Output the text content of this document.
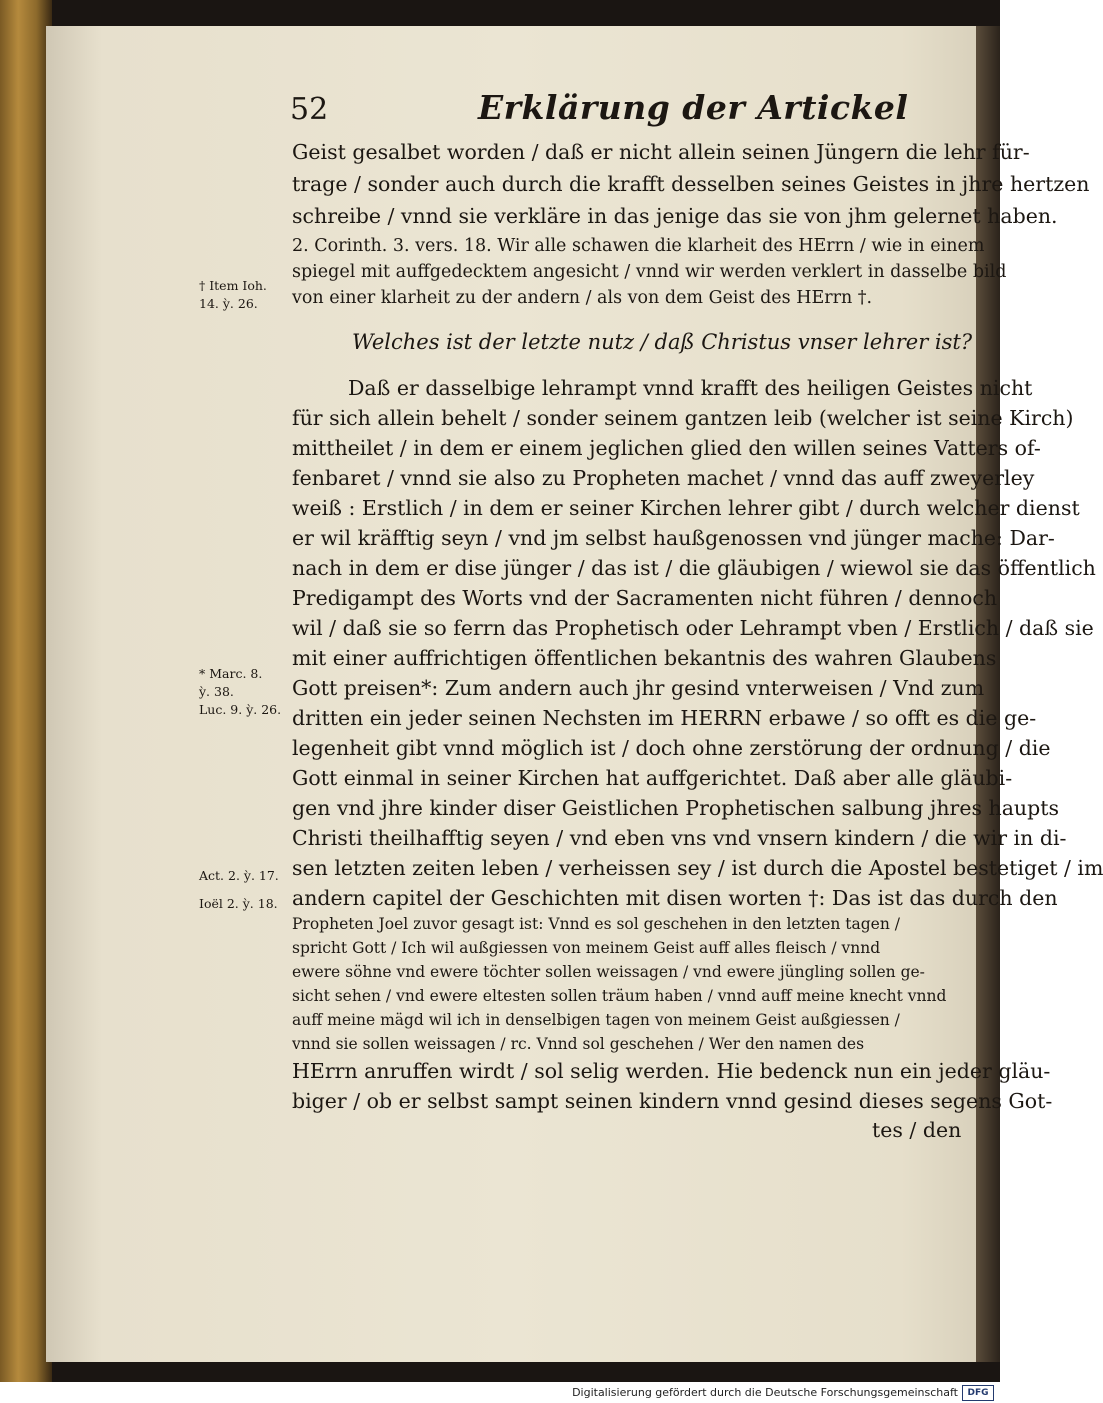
52	Erklärung der Artickel
Geist gesalbet worden / daß er nicht allein seinen Jüngern die lehr für-
trage / sonder auch durch die krafft desselben seines Geistes in jhre hertzen
schreibe / vnnd sie verkläre in das jenige das sie von jhm gelernet haben.
2. Corinth. 3. vers. 18. Wir alle schawen die klarheit des HErrn / wie in einem
spiegel mit auffgedecktem angesicht / vnnd wir werden verklert in dasselbe bild
von einer klarheit zu der andern / als von dem Geist des HErrn †.
Welches ist der letzte nutz / daß Christus vnser lehrer ist?
Daß er dasselbige lehrampt vnnd krafft des heiligen Geistes nicht
für sich allein behelt / sonder seinem gantzen leib (welcher ist seine Kirch)
mittheilet / in dem er einem jeglichen glied den willen seines Vatters of-
fenbaret / vnnd sie also zu Propheten machet / vnnd das auff zweyerley
weiß : Erstlich / in dem er seiner Kirchen lehrer gibt / durch welcher dienst
er wil kräfftig seyn / vnd jm selbst haußgenossen vnd jünger mache: Dar-
nach in dem er dise jünger / das ist / die gläubigen / wiewol sie das öffentlich
Predigampt des Worts vnd der Sacramenten nicht führen / dennoch
wil / daß sie so ferrn das Prophetisch oder Lehrampt vben / Erstlich / daß sie
mit einer auffrichtigen öffentlichen bekantnis des wahren Glaubens
Gott preisen*: Zum andern auch jhr gesind vnterweisen / Vnd zum
dritten ein jeder seinen Nechsten im HERRN erbawe / so offt es die ge-
legenheit gibt vnnd möglich ist / doch ohne zerstörung der ordnung / die
Gott einmal in seiner Kirchen hat auffgerichtet. Daß aber alle gläubi-
gen vnd jhre kinder diser Geistlichen Prophetischen salbung jhres haupts
Christi theilhafftig seyen / vnd eben vns vnd vnsern kindern / die wir in di-
sen letzten zeiten leben / verheissen sey / ist durch die Apostel bestetiget / im
andern capitel der Geschichten mit disen worten †: Das ist das durch den
Propheten Joel zuvor gesagt ist: Vnnd es sol geschehen in den letzten tagen /
spricht Gott / Ich wil außgiessen von meinem Geist auff alles fleisch / vnnd
ewere söhne vnd ewere töchter sollen weissagen / vnd ewere jüngling sollen ge-
sicht sehen / vnd ewere eltesten sollen träum haben / vnnd auff meine knecht vnnd
auff meine mägd wil ich in denselbigen tagen von meinem Geist außgiessen /
vnnd sie sollen weissagen / rc. Vnnd sol geschehen / Wer den namen des
HErrn anruffen wirdt / sol selig werden. Hie bedenck nun ein jeder gläu-
biger / ob er selbst sampt seinen kindern vnnd gesind dieses segens Got-
tes / den
† Item Ioh.
14. ỳ. 26.
* Marc. 8.
ỳ. 38.
Luc. 9. ỳ. 26.
Act. 2. ỳ. 17.
Ioël 2. ỳ. 18.
Digitalisierung gefördert durch die Deutsche Forschungsgemeinschaft	DFG
